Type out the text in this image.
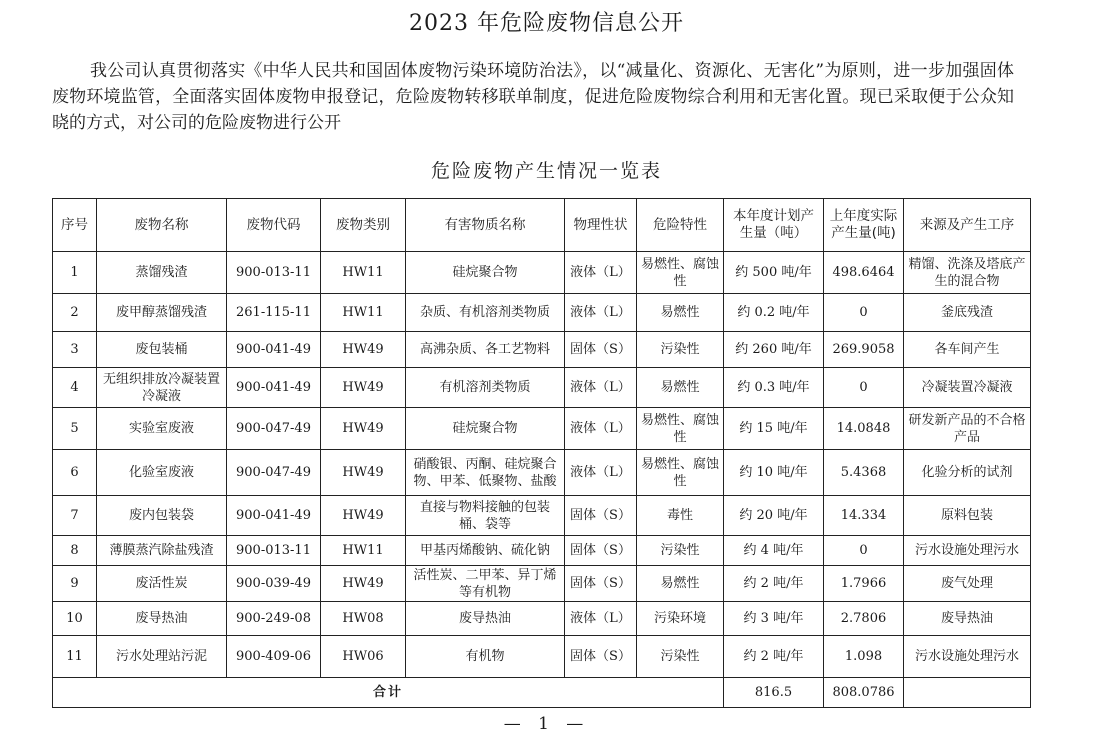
2023 年危险废物信息公开
我公司认真贯彻落实《中华人民共和国固体废物污染环境防治法》，以“减量化、资源化、无害化”为原则，进一步加强固体废物环境监管，全面落实固体废物申报登记，危险废物转移联单制度，促进危险废物综合利用和无害化置。现已采取便于公众知晓的方式，对公司的危险废物进行公开
危险废物产生情况一览表
序号	废物名称	废物代码	废物类别	有害物质名称	物理性状	危险特性	本年度计划产生量（吨）	上年度实际产生量(吨)	来源及产生工序
1	蒸馏残渣	900-013-11	HW11	硅烷聚合物	液体（L）	易燃性、腐蚀性	约 500 吨/年	498.6464	精馏、洗涤及塔底产生的混合物
2	废甲醇蒸馏残渣	261-115-11	HW11	杂质、有机溶剂类物质	液体（L）	易燃性	约 0.2 吨/年	0	釜底残渣
3	废包装桶	900-041-49	HW49	高沸杂质、各工艺物料	固体（S）	污染性	约 260 吨/年	269.9058	各车间产生
4	无组织排放冷凝装置冷凝液	900-041-49	HW49	有机溶剂类物质	液体（L）	易燃性	约 0.3 吨/年	0	冷凝装置冷凝液
5	实验室废液	900-047-49	HW49	硅烷聚合物	液体（L）	易燃性、腐蚀性	约 15 吨/年	14.0848	研发新产品的不合格产品
6	化验室废液	900-047-49	HW49	硝酸银、丙酮、硅烷聚合物、甲苯、低聚物、盐酸	液体（L）	易燃性、腐蚀性	约 10 吨/年	5.4368	化验分析的试剂
7	废内包装袋	900-041-49	HW49	直接与物料接触的包装桶、袋等	固体（S）	毒性	约 20 吨/年	14.334	原料包装
8	薄膜蒸汽除盐残渣	900-013-11	HW11	甲基丙烯酸钠、硫化钠	固体（S）	污染性	约 4 吨/年	0	污水设施处理污水
9	废活性炭	900-039-49	HW49	活性炭、二甲苯、异丁烯等有机物	固体（S）	易燃性	约 2 吨/年	1.7966	废气处理
10	废导热油	900-249-08	HW08	废导热油	液体（L）	污染环境	约 3 吨/年	2.7806	废导热油
11	污水处理站污泥	900-409-06	HW06	有机物	固体（S）	污染性	约 2 吨/年	1.098	污水设施处理污水
合计							816.5	808.0786	
— 1 —
